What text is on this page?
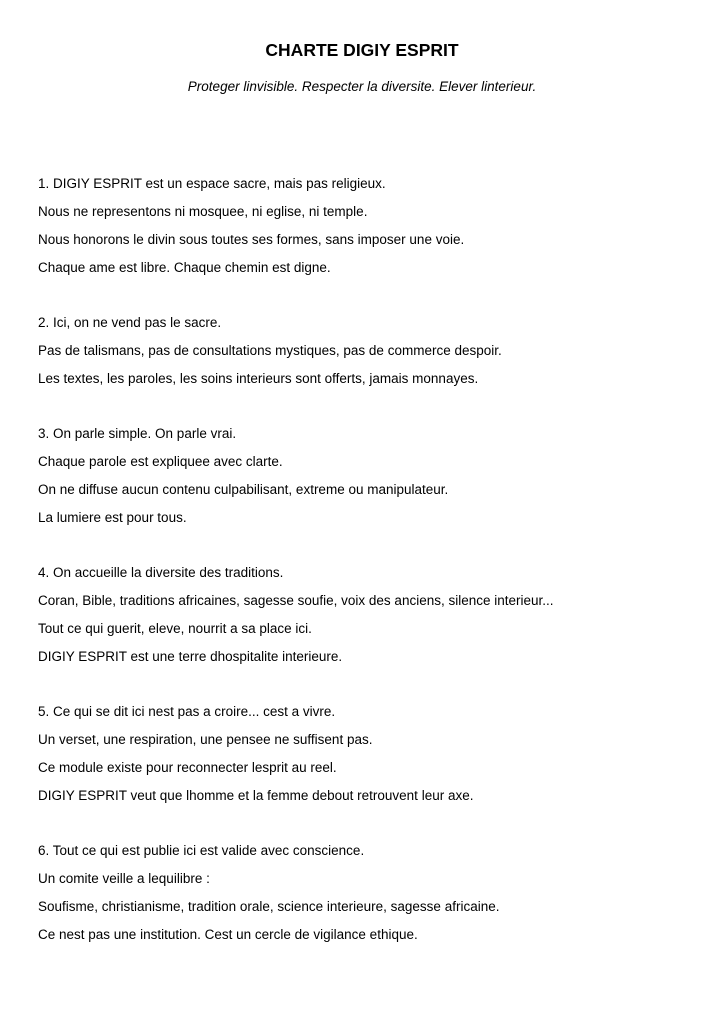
CHARTE DIGIY ESPRIT

Proteger linvisible. Respecter la diversite. Elever linterieur.

1. DIGIY ESPRIT est un espace sacre, mais pas religieux.

Nous ne representons ni mosquee, ni eglise, ni temple.

Nous honorons le divin sous toutes ses formes, sans imposer une voie.

Chaque ame est libre. Chaque chemin est digne.

2. Ici, on ne vend pas le sacre.

Pas de talismans, pas de consultations mystiques, pas de commerce despoir.

Les textes, les paroles, les soins interieurs sont offerts, jamais monnayes.

3. On parle simple. On parle vrai.

Chaque parole est expliquee avec clarte.

On ne diffuse aucun contenu culpabilisant, extreme ou manipulateur.

La lumiere est pour tous.

4. On accueille la diversite des traditions.

Coran, Bible, traditions africaines, sagesse soufie, voix des anciens, silence interieur...

Tout ce qui guerit, eleve, nourrit a sa place ici.

DIGIY ESPRIT est une terre dhospitalite interieure.

5. Ce qui se dit ici nest pas a croire... cest a vivre.

Un verset, une respiration, une pensee ne suffisent pas.

Ce module existe pour reconnecter lesprit au reel.

DIGIY ESPRIT veut que lhomme et la femme debout retrouvent leur axe.

6. Tout ce qui est publie ici est valide avec conscience.

Un comite veille a lequilibre :

Soufisme, christianisme, tradition orale, science interieure, sagesse africaine.

Ce nest pas une institution. Cest un cercle de vigilance ethique.
